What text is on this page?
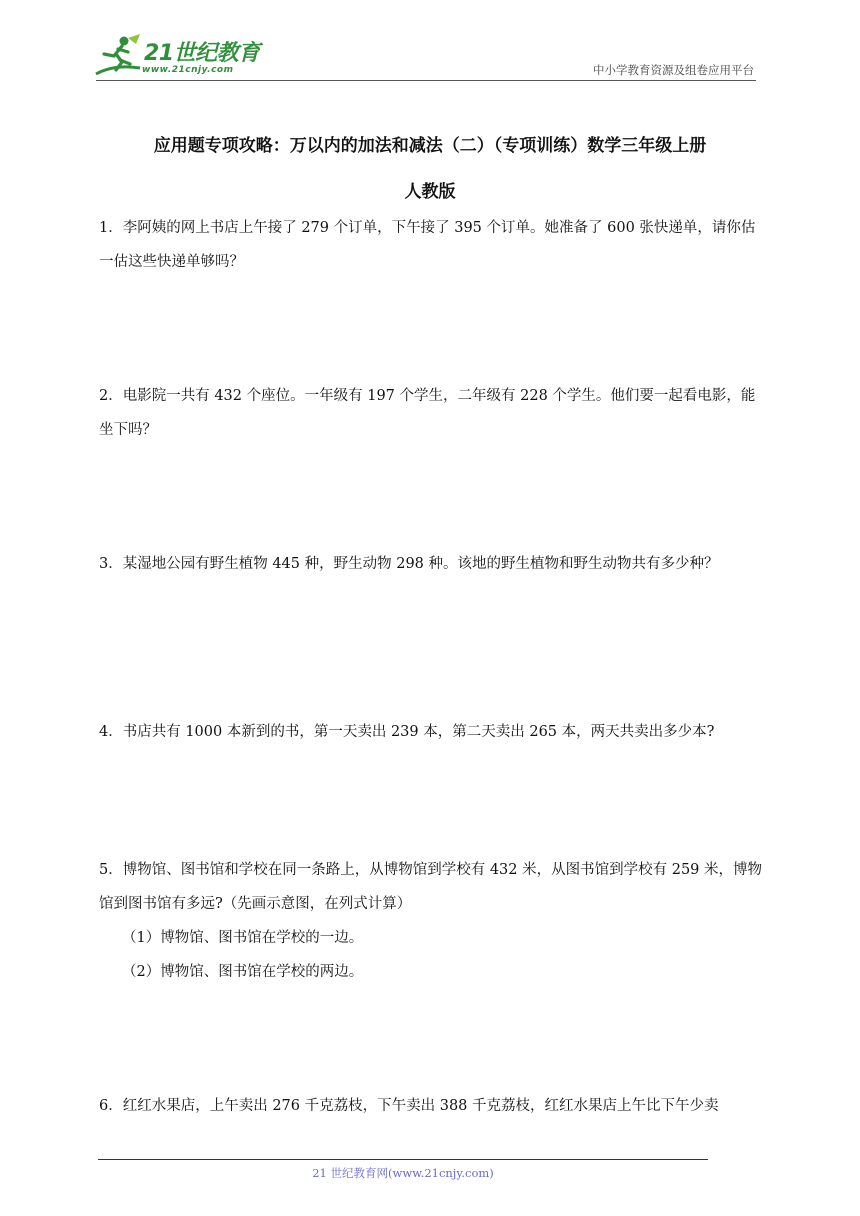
21世纪教育
www.21cnjy.com	中小学教育资源及组卷应用平台
应用题专项攻略：万以内的加法和减法（二）（专项训练）数学三年级上册
人教版
1．李阿姨的网上书店上午接了 279 个订单，下午接了 395 个订单。她准备了 600 张快递单，请你估一估这些快递单够吗？
2．电影院一共有 432 个座位。一年级有 197 个学生，二年级有 228 个学生。他们要一起看电影，能坐下吗？
3．某湿地公园有野生植物 445 种，野生动物 298 种。该地的野生植物和野生动物共有多少种？
4．书店共有 1000 本新到的书，第一天卖出 239 本，第二天卖出 265 本，两天共卖出多少本?
5．博物馆、图书馆和学校在同一条路上，从博物馆到学校有 432 米，从图书馆到学校有 259 米，博物馆到图书馆有多远?（先画示意图，在列式计算）
（1）博物馆、图书馆在学校的一边。
（2）博物馆、图书馆在学校的两边。
6．红红水果店，上午卖出 276 千克荔枝，下午卖出 388 千克荔枝，红红水果店上午比下午少卖
21 世纪教育网(www.21cnjy.com)
